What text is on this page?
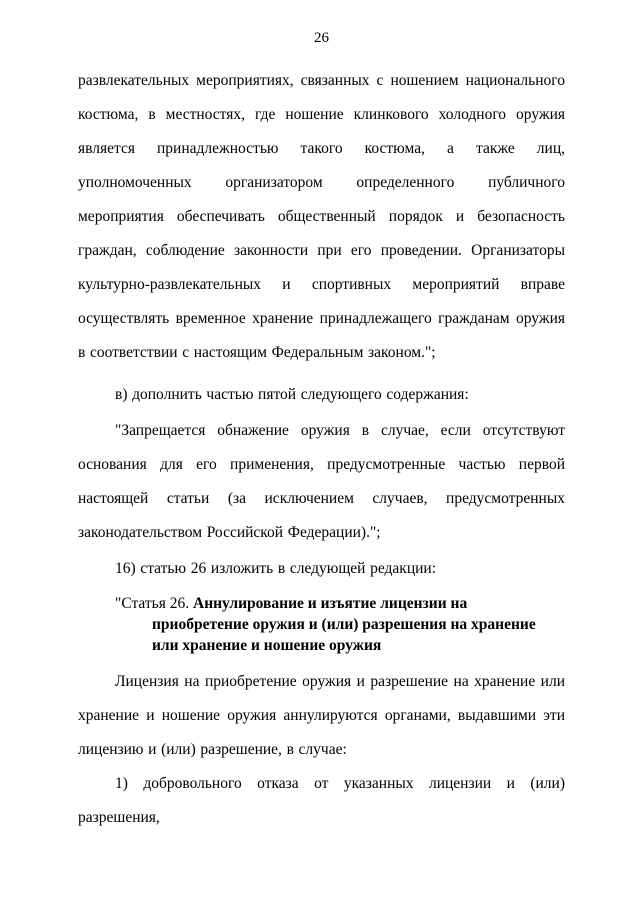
26

развлекательных мероприятиях, связанных с ношением национального костюма, в местностях, где ношение клинкового холодного оружия является принадлежностью такого костюма, а также лиц, уполномоченных организатором определенного публичного мероприятия обеспечивать общественный порядок и безопасность граждан, соблюдение законности при его проведении. Организаторы культурно-развлекательных и спортивных мероприятий вправе осуществлять временное хранение принадлежащего гражданам оружия в соответствии с настоящим Федеральным законом.";

в) дополнить частью пятой следующего содержания:

"Запрещается обнажение оружия в случае, если отсутствуют основания для его применения, предусмотренные частью первой настоящей статьи (за исключением случаев, предусмотренных законодательством Российской Федерации).";

16) статью 26 изложить в следующей редакции:

"Статья 26. Аннулирование и изъятие лицензии на приобретение оружия и (или) разрешения на хранение или хранение и ношение оружия

Лицензия на приобретение оружия и разрешение на хранение или хранение и ношение оружия аннулируются органами, выдавшими эти лицензию и (или) разрешение, в случае:

1) добровольного отказа от указанных лицензии и (или) разрешения,
